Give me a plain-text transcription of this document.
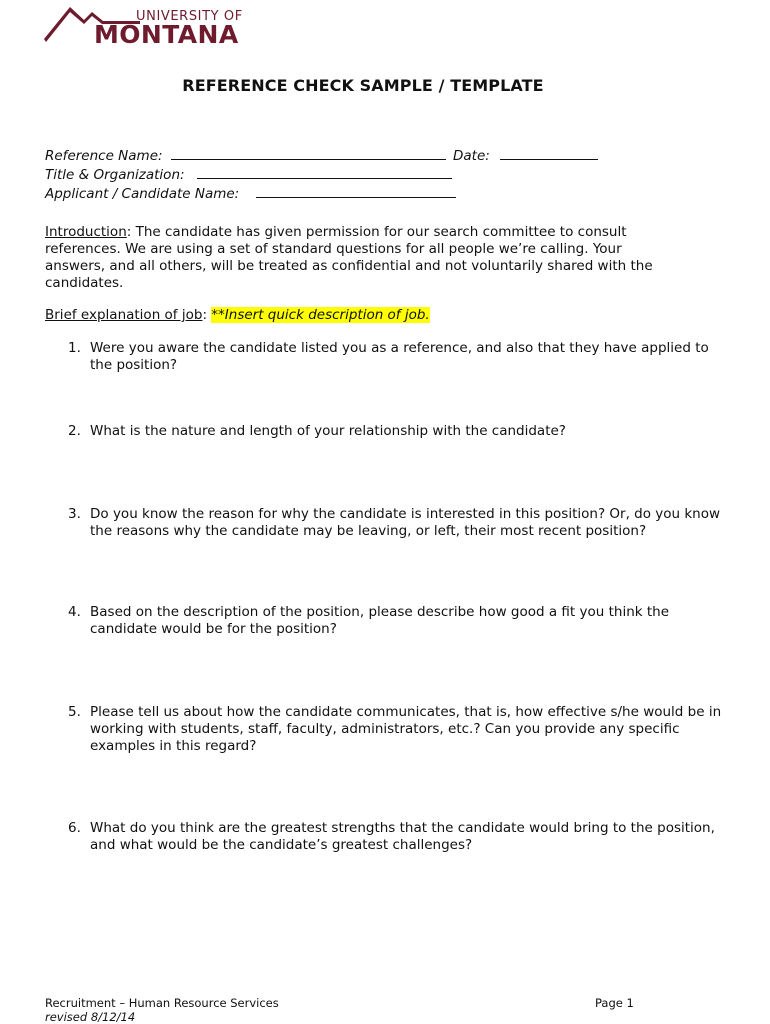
UNIVERSITY OF
MONTANA
REFERENCE CHECK SAMPLE / TEMPLATE
Reference Name:	Date:
Title & Organization:
Applicant / Candidate Name:
Introduction: The candidate has given permission for our search committee to consult references. We are using a set of standard questions for all people we’re calling. Your answers, and all others, will be treated as confidential and not voluntarily shared with the candidates.
Brief explanation of job: **Insert quick description of job.
1. Were you aware the candidate listed you as a reference, and also that they have applied to the position?
2. What is the nature and length of your relationship with the candidate?
3. Do you know the reason for why the candidate is interested in this position? Or, do you know the reasons why the candidate may be leaving, or left, their most recent position?
4. Based on the description of the position, please describe how good a fit you think the candidate would be for the position?
5. Please tell us about how the candidate communicates, that is, how effective s/he would be in working with students, staff, faculty, administrators, etc.? Can you provide any specific examples in this regard?
6. What do you think are the greatest strengths that the candidate would bring to the position, and what would be the candidate’s greatest challenges?
Recruitment – Human Resource Services
revised 8/12/14
Page 1
